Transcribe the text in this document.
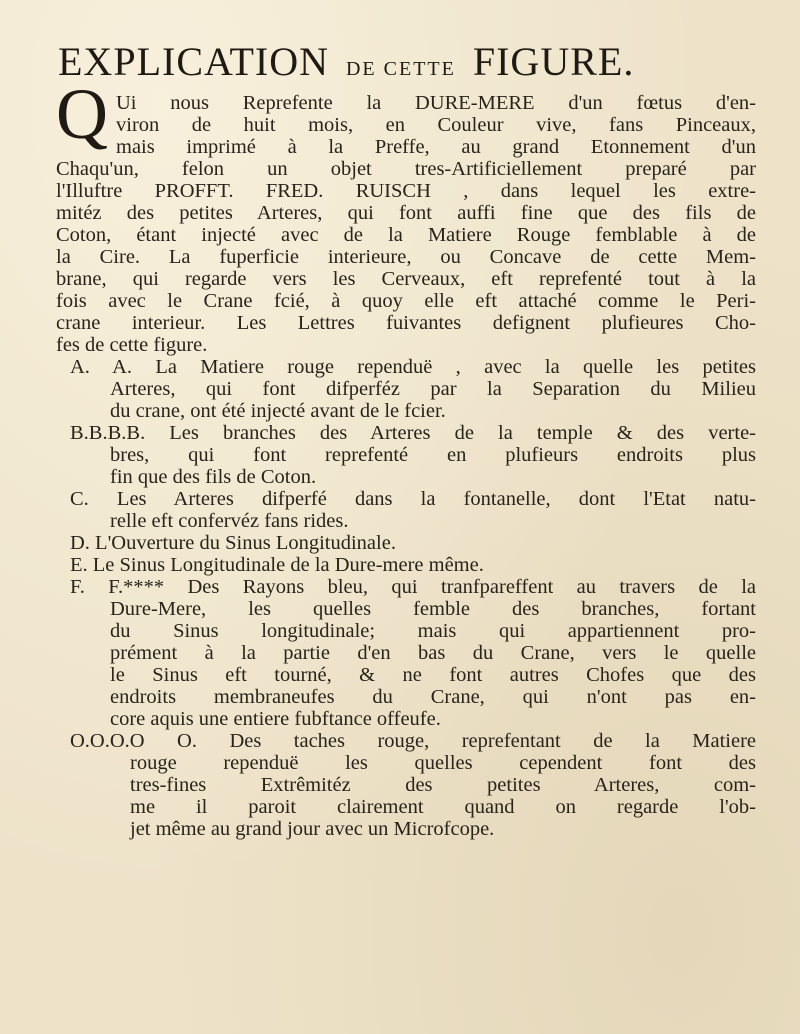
EXPLICATION DE CETTE FIGURE.
Q Ui nous Reprefente la DURE-MERE d'un fœtus d'en-
viron de huit mois, en Couleur vive, fans Pinceaux,
mais imprimé à la Preffe, au grand Etonnement d'un
Chaqu'un, felon un objet tres-Artificiellement preparé par
l'Illuftre PROFFT. FRED. RUISCH , dans lequel les extre-
mitéz des petites Arteres, qui font auffi fine que des fils de
Coton, étant injecté avec de la Matiere Rouge femblable à de
la Cire. La fuperficie interieure, ou Concave de cette Mem-
brane, qui regarde vers les Cerveaux, eft reprefenté tout à la
fois avec le Crane fcié, à quoy elle eft attaché comme le Peri-
crane interieur. Les Lettres fuivantes defignent plufieures Cho-
fes de cette figure.
A. A. La Matiere rouge rependuë , avec la quelle les petites
Arteres, qui font difperféz par la Separation du Milieu
du crane, ont été injecté avant de le fcier.
B.B.B.B. Les branches des Arteres de la temple & des verte-
bres, qui font reprefenté en plufieurs endroits plus
fin que des fils de Coton.
C. Les Arteres difperfé dans la fontanelle, dont l'Etat natu-
relle eft confervéz fans rides.
D. L'Ouverture du Sinus Longitudinale.
E. Le Sinus Longitudinale de la Dure-mere même.
F. F.**** Des Rayons bleu, qui tranfpareffent au travers de la
Dure-Mere, les quelles femble des branches, fortant
du Sinus longitudinale; mais qui appartiennent pro-
prément à la partie d'en bas du Crane, vers le quelle
le Sinus eft tourné, & ne font autres Chofes que des
endroits membraneufes du Crane, qui n'ont pas en-
core aquis une entiere fubftance offeufe.
O.O.O.O O. Des taches rouge, reprefentant de la Matiere
rouge rependuë les quelles cependent font des
tres-fines Extrêmitéz des petites Arteres, com-
me il paroit clairement quand on regarde l'ob-
jet même au grand jour avec un Microfcope.
